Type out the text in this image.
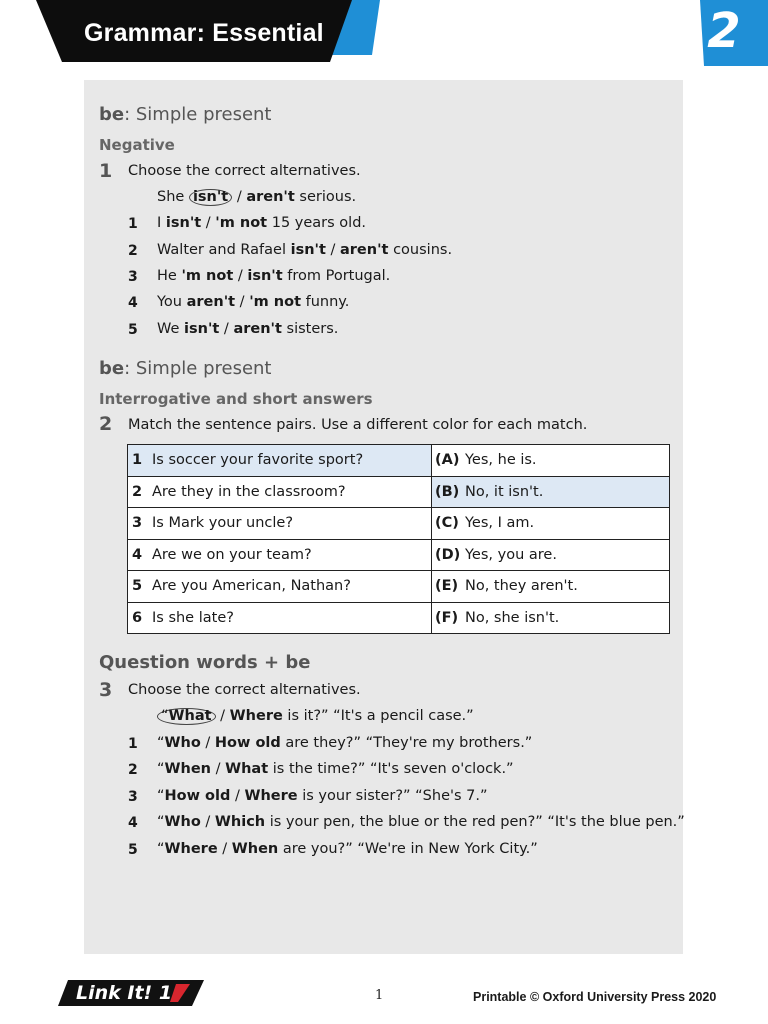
Grammar: Essential	2
be: Simple present
Negative
1 Choose the correct alternatives.
She isn't / aren't serious.
1 I isn't / 'm not 15 years old.
2 Walter and Rafael isn't / aren't cousins.
3 He 'm not / isn't from Portugal.
4 You aren't / 'm not funny.
5 We isn't / aren't sisters.
be: Simple present
Interrogative and short answers
2 Match the sentence pairs. Use a different color for each match.
1 Is soccer your favorite sport?	(A) Yes, he is.

2 Are they in the classroom?	(B) No, it isn't.

3 Is Mark your uncle?	(C) Yes, I am.

4 Are we on your team?	(D) Yes, you are.

5 Are you American, Nathan?	(E) No, they aren't.

6 Is she late?	(F) No, she isn't.
Question words + be
3 Choose the correct alternatives.
“What / Where is it?” “It's a pencil case.”
1 “Who / How old are they?” “They're my brothers.”
2 “When / What is the time?” “It's seven o'clock.”
3 “How old / Where is your sister?” “She's 7.”
4 “Who / Which is your pen, the blue or the red pen?” “It's the blue pen.”
5 “Where / When are you?” “We're in New York City.”
Link It! 1	1	Printable © Oxford University Press 2020
